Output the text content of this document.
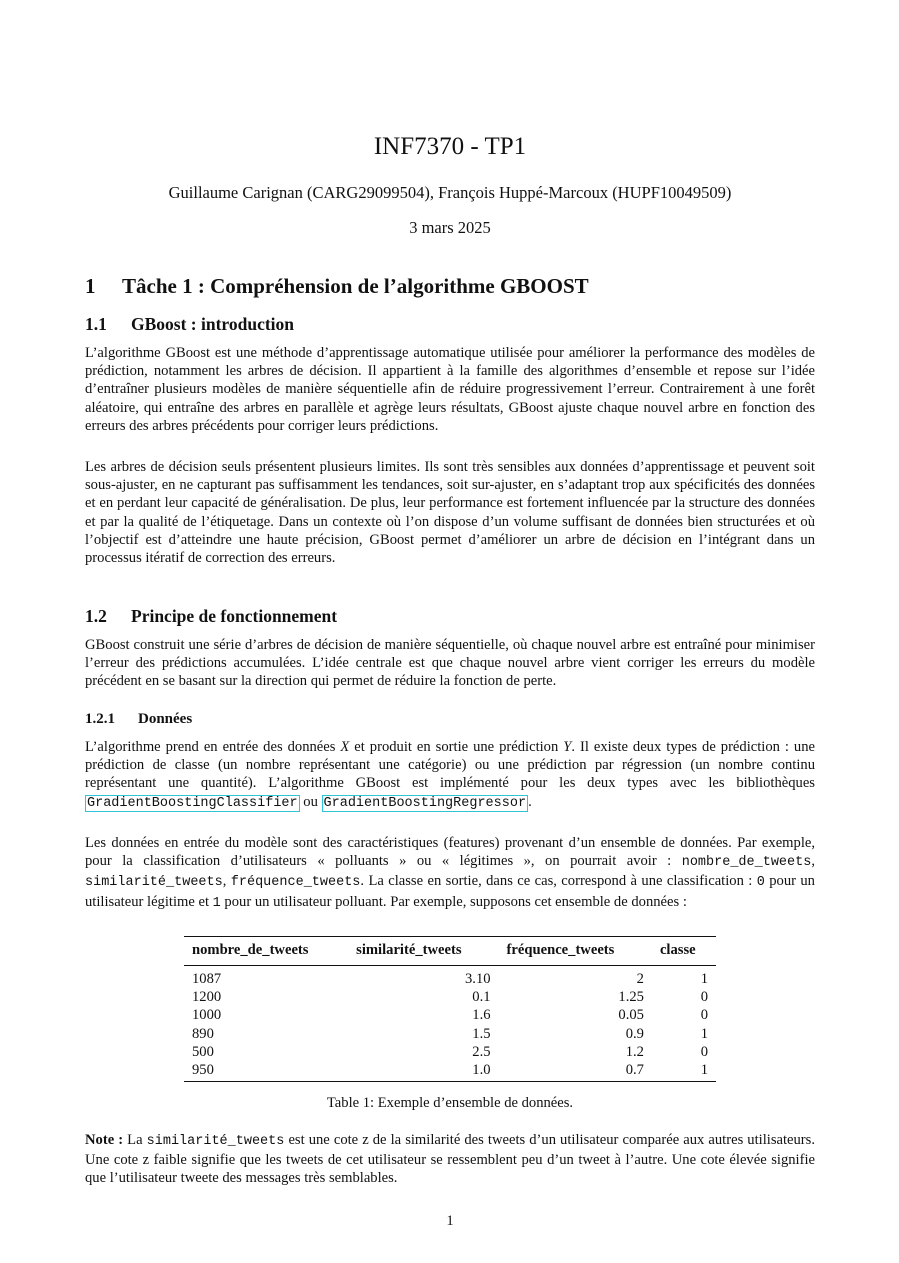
INF7370 - TP1
Guillaume Carignan (CARG29099504), François Huppé-Marcoux (HUPF10049509)
3 mars 2025
1 Tâche 1 : Compréhension de l’algorithme GBOOST
1.1 GBoost : introduction
L’algorithme GBoost est une méthode d’apprentissage automatique utilisée pour améliorer la performance des modèles de prédiction, notamment les arbres de décision. Il appartient à la famille des algorithmes d’ensemble et repose sur l’idée d’entraîner plusieurs modèles de manière séquentielle afin de réduire progressivement l’erreur. Contrairement à une forêt aléatoire, qui entraîne des arbres en parallèle et agrège leurs résultats, GBoost ajuste chaque nouvel arbre en fonction des erreurs des arbres précédents pour corriger leurs prédictions.
Les arbres de décision seuls présentent plusieurs limites. Ils sont très sensibles aux données d’apprentissage et peuvent soit sous-ajuster, en ne capturant pas suffisamment les tendances, soit sur-ajuster, en s’adaptant trop aux spécificités des données et en perdant leur capacité de généralisation. De plus, leur performance est fortement influencée par la structure des données et par la qualité de l’étiquetage. Dans un contexte où l’on dispose d’un volume suffisant de données bien structurées et où l’objectif est d’atteindre une haute précision, GBoost permet d’améliorer un arbre de décision en l’intégrant dans un processus itératif de correction des erreurs.
1.2 Principe de fonctionnement
GBoost construit une série d’arbres de décision de manière séquentielle, où chaque nouvel arbre est entraîné pour minimiser l’erreur des prédictions accumulées. L’idée centrale est que chaque nouvel arbre vient corriger les erreurs du modèle précédent en se basant sur la direction qui permet de réduire la fonction de perte.
1.2.1 Données
L’algorithme prend en entrée des données X et produit en sortie une prédiction Y. Il existe deux types de prédiction : une prédiction de classe (un nombre représentant une catégorie) ou une prédiction par régression (un nombre continu représentant une quantité). L’algorithme GBoost est implémenté pour les deux types avec les bibliothèques GradientBoostingClassifier ou GradientBoostingRegressor .
Les données en entrée du modèle sont des caractéristiques (features) provenant d’un ensemble de données. Par exemple, pour la classification d’utilisateurs « polluants » ou « légitimes », on pourrait avoir : nombre_de_tweets, similarité_tweets, fréquence_tweets. La classe en sortie, dans ce cas, correspond à une classification : 0 pour un utilisateur légitime et 1 pour un utilisateur polluant. Par exemple, supposons cet ensemble de données :
nombre_de_tweets	similarité_tweets	fréquence_tweets	classe
1087	3.10	2	1
1200	0.1	1.25	0
1000	1.6	0.05	0
890	1.5	0.9	1
500	2.5	1.2	0
950	1.0	0.7	1
Table 1: Exemple d’ensemble de données.
Note : La similarité_tweets est une cote z de la similarité des tweets d’un utilisateur comparée aux autres utilisateurs. Une cote z faible signifie que les tweets de cet utilisateur se ressemblent peu d’un tweet à l’autre. Une cote élevée signifie que l’utilisateur tweete des messages très semblables.
1
